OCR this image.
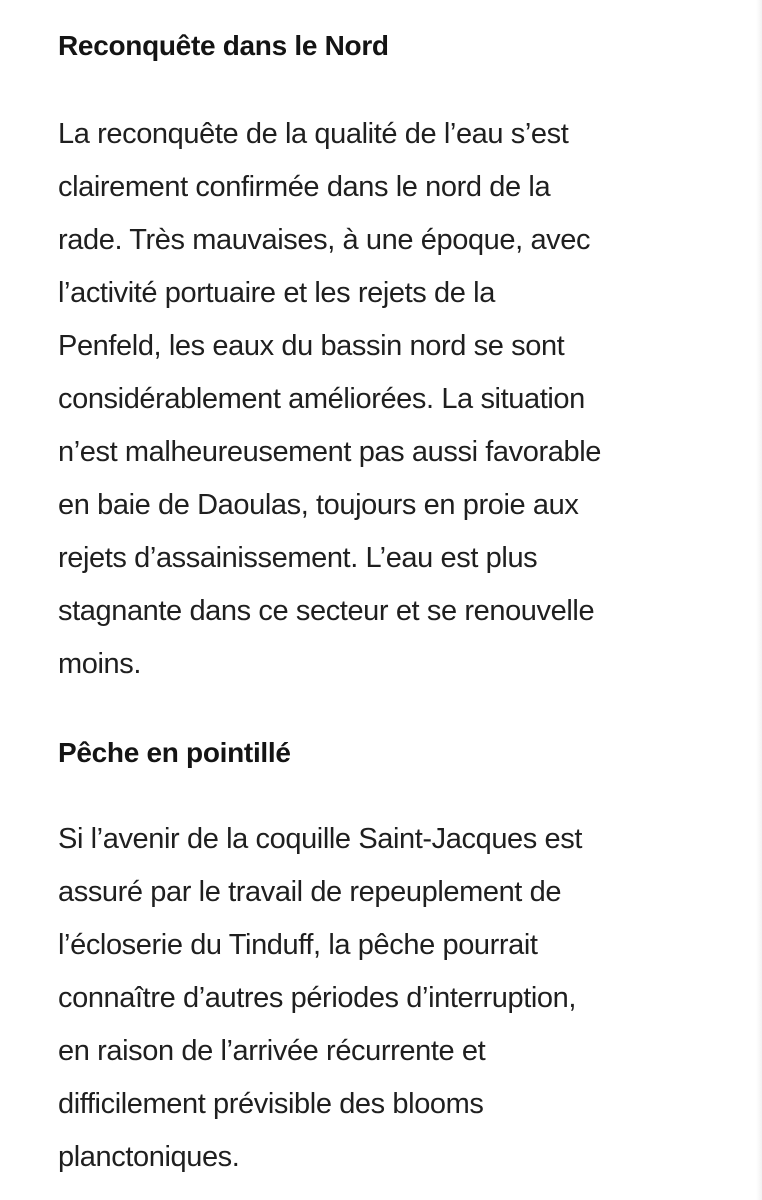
Reconquête dans le Nord

La reconquête de la qualité de l’eau s’est
clairement confirmée dans le nord de la
rade. Très mauvaises, à une époque, avec
l’activité portuaire et les rejets de la
Penfeld, les eaux du bassin nord se sont
considérablement améliorées. La situation
n’est malheureusement pas aussi favorable
en baie de Daoulas, toujours en proie aux
rejets d’assainissement. L’eau est plus
stagnante dans ce secteur et se renouvelle
moins.

Pêche en pointillé

Si l’avenir de la coquille Saint-Jacques est
assuré par le travail de repeuplement de
l’écloserie du Tinduff, la pêche pourrait
connaître d’autres périodes d’interruption,
en raison de l’arrivée récurrente et
difficilement prévisible des blooms
planctoniques.
